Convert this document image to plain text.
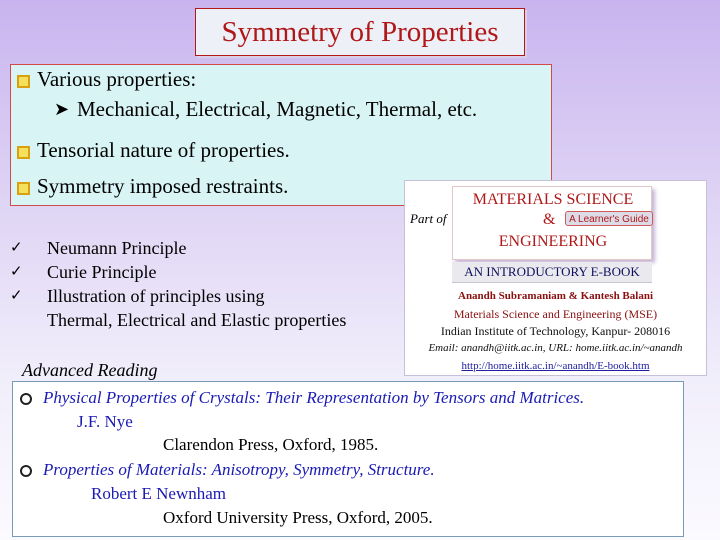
Symmetry of Properties
Various properties:
➤ Mechanical, Electrical, Magnetic, Thermal, etc.
Tensorial nature of properties.
Symmetry imposed restraints.
✓ Neumann Principle
✓ Curie Principle
✓ Illustration of principles using
Thermal, Electrical and Elastic properties
Part of
MATERIALS SCIENCE
&	A Learner's Guide
ENGINEERING
AN INTRODUCTORY E-BOOK
Anandh Subramaniam & Kantesh Balani
Materials Science and Engineering (MSE)
Indian Institute of Technology, Kanpur- 208016
Email: anandh@iitk.ac.in, URL: home.iitk.ac.in/~anandh
http://home.iitk.ac.in/~anandh/E-book.htm
Advanced Reading
Physical Properties of Crystals: Their Representation by Tensors and Matrices.
J.F. Nye
Clarendon Press, Oxford, 1985.
Properties of Materials: Anisotropy, Symmetry, Structure.
Robert E Newnham
Oxford University Press, Oxford, 2005.
